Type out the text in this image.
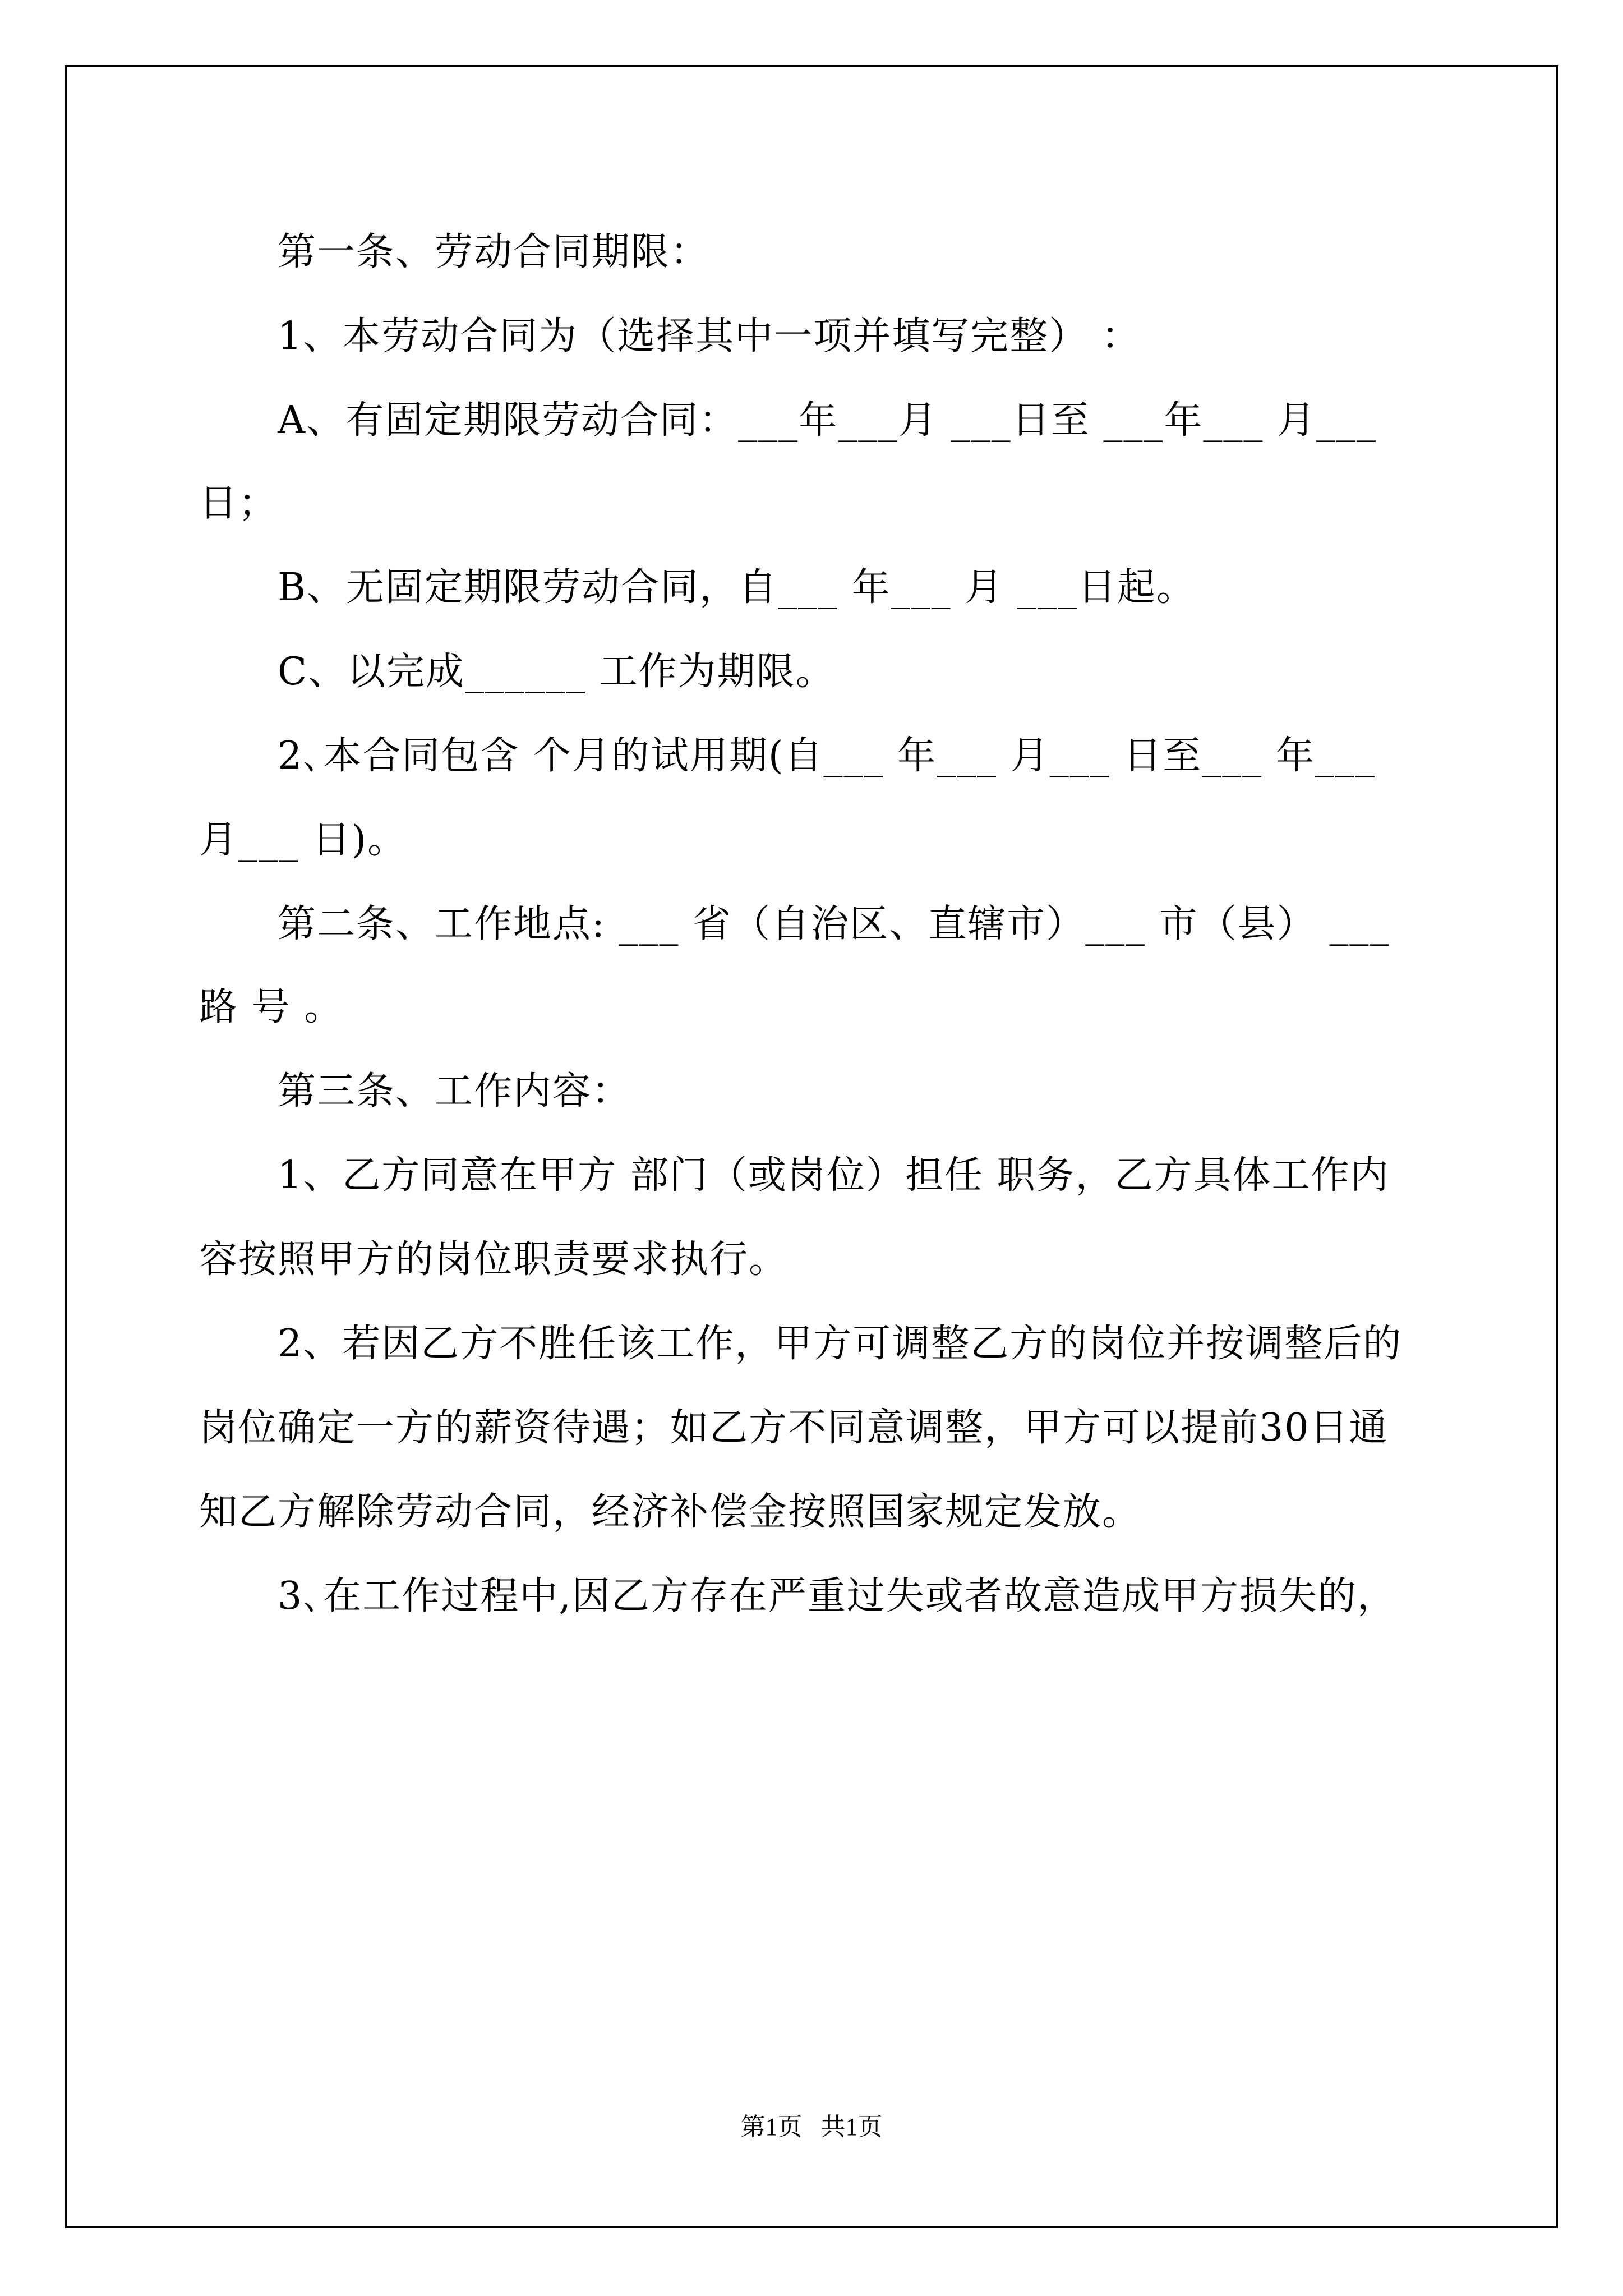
第一条、劳动合同期限：
1、本劳动合同为（选择其中一项并填写完整） ：
A、有固定期限劳动合同：___年___月 ___日至 ___年___ 月___
日；
B、无固定期限劳动合同，自___ 年___ 月 ___日起。
C、以完成______ 工作为期限。
2､本合同包含 个月的试用期(自___ 年___ 月___ 日至___ 年___
月___ 日)。
第二条、工作地点: ___ 省（自治区、直辖市）___ 市（县） ___
路 号 。
第三条、工作内容：
1、乙方同意在甲方 部门（或岗位）担任 职务，乙方具体工作内
容按照甲方的岗位职责要求执行。
2、若因乙方不胜任该工作，甲方可调整乙方的岗位并按调整后的
岗位确定一方的薪资待遇；如乙方不同意调整，甲方可以提前30日通
知乙方解除劳动合同，经济补偿金按照国家规定发放。
3､在工作过程中,因乙方存在严重过失或者故意造成甲方损失的，
第1页   共1页
